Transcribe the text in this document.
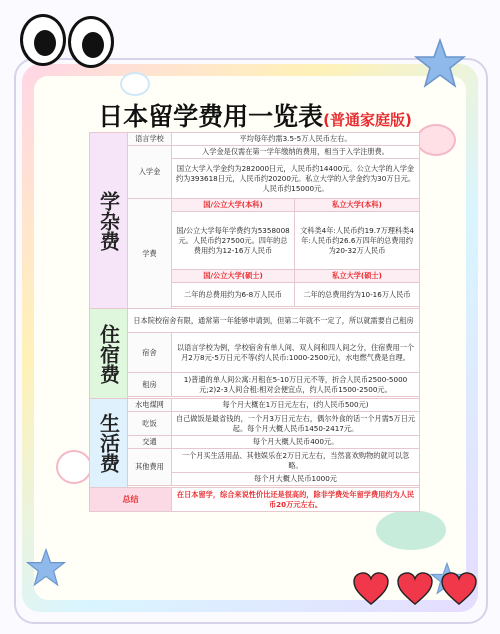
日本留学费用一览表(普通家庭版)
学杂费	语言学校	平均每年约需3.5-5万人民币左右。	
	入学金	入学金是仅需在第一学年缴纳的费用，相当于入学注册费。	
		国立大学入学金约为282000日元，人民币约14400元。公立大学的入学金约为393618日元，人民币约20200元。私立大学的入学金约为30万日元。人民币约15000元。	
	学费	国/公立大学(本科)	私立大学(本科)
		国/公立大学每年学费约为5358008元。人民币约27500元。四年的总费用约为12-16万人民币	文科类4年:人民币约19.7万理科类4年:人民币约26.6万四年的总费用约为20-32万人民币
		国/公立大学(硕士)	私立大学(硕士)
		二年的总费用约为6-8万人民币	二年的总费用约为10-16万人民币

住宿费	日本院校宿舍有限，通常第一年能够申请到，但第二年就不一定了，所以就需要自己租房		
	宿舍	以语言学校为例，学校宿舍有单人间、双人间和四人间之分，住宿费用一个月2万8元-5万日元不等(约人民币:1000-2500元)，水电燃气费是自理。	
	租房	1)普通的单人间公寓:月租在5-10万日元不等，折合人民币2500-5000元;2)2-3人间合租:相对会便宜点，约人民币1500-2500元。	

生活费	水电煤网	每个月大概在1万日元左右，(约人民币500元)	
	吃饭	自己做饭是最省钱的，一个月3万日元左右，偶尔外食的话一个月需5万日元起。每个月大概人民币1450-2417元。	
	交通	每个月大概人民币400元。	
	其他费用	一个月买生活用品、其他娱乐在2万日元左右，当然喜欢购物的就可以忽略。	
		每个月大概人民币1000元	

总结		在日本留学，综合来说性价比还是很高的，除非学费处年留学费用约为人民币20万元左右。	
